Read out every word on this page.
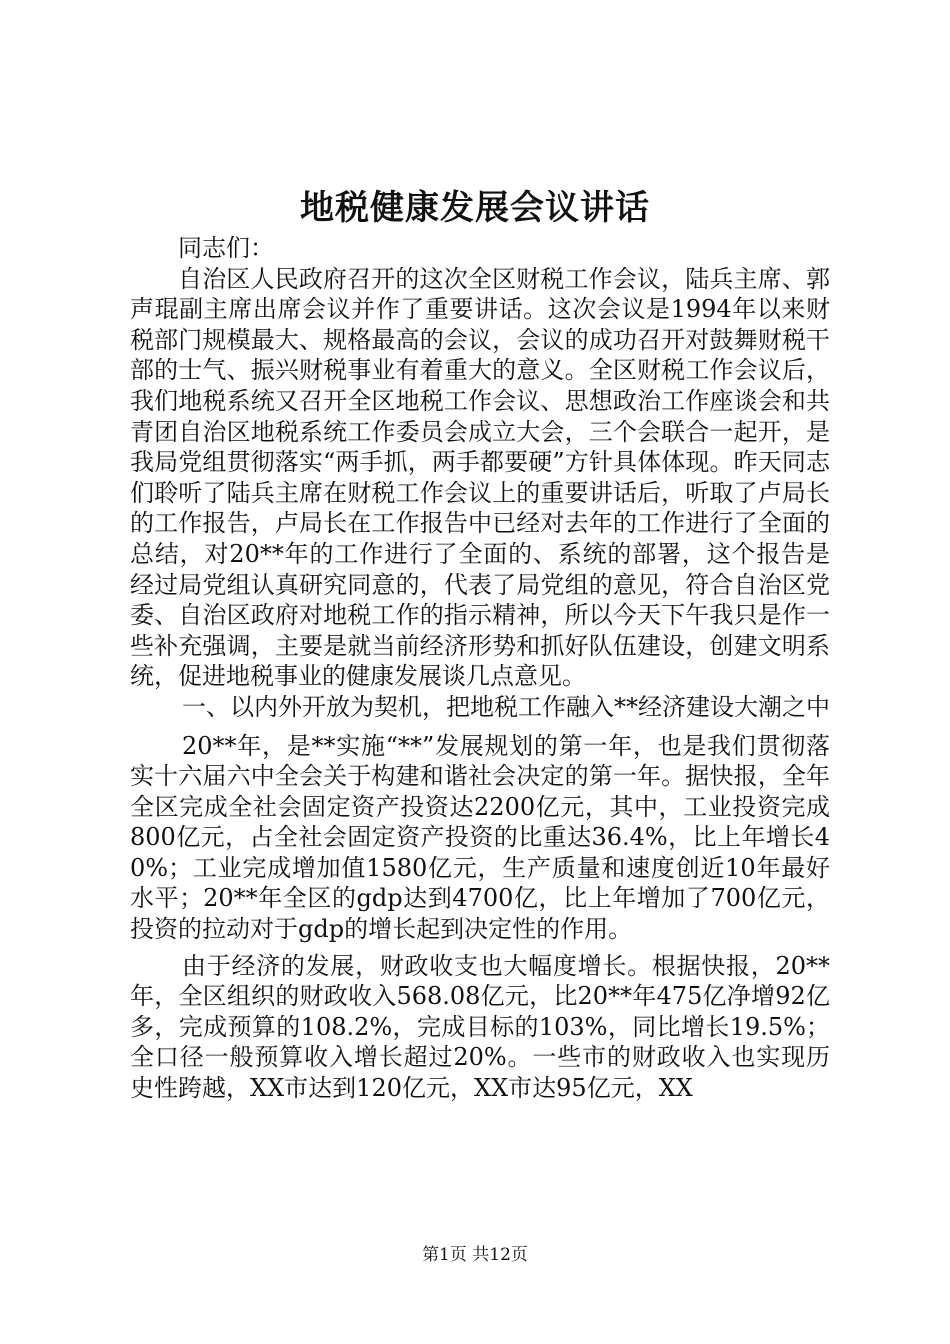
地税健康发展会议讲话

同志们：

自治区人民政府召开的这次全区财税工作会议，陆兵主席、郭声琨副主席出席会议并作了重要讲话。这次会议是1994年以来财税部门规模最大、规格最高的会议，会议的成功召开对鼓舞财税干部的士气、振兴财税事业有着重大的意义。全区财税工作会议后，我们地税系统又召开全区地税工作会议、思想政治工作座谈会和共青团自治区地税系统工作委员会成立大会，三个会联合一起开，是我局党组贯彻落实“两手抓，两手都要硬”方针具体体现。昨天同志们聆听了陆兵主席在财税工作会议上的重要讲话后，听取了卢局长的工作报告，卢局长在工作报告中已经对去年的工作进行了全面的总结，对20**年的工作进行了全面的、系统的部署，这个报告是经过局党组认真研究同意的，代表了局党组的意见，符合自治区党委、自治区政府对地税工作的指示精神，所以今天下午我只是作一些补充强调，主要是就当前经济形势和抓好队伍建设，创建文明系统，促进地税事业的健康发展谈几点意见。

一、以内外开放为契机，把地税工作融入**经济建设大潮之中

20**年，是**实施“**”发展规划的第一年，也是我们贯彻落实十六届六中全会关于构建和谐社会决定的第一年。据快报，全年全区完成全社会固定资产投资达2200亿元，其中，工业投资完成800亿元，占全社会固定资产投资的比重达36.4%，比上年增长40%；工业完成增加值1580亿元，生产质量和速度创近10年最好水平；20**年全区的gdp达到4700亿，比上年增加了700亿元，投资的拉动对于gdp的增长起到决定性的作用。

由于经济的发展，财政收支也大幅度增长。根据快报，20**年，全区组织的财政收入568.08亿元，比20**年475亿净增92亿多，完成预算的108.2%，完成目标的103%，同比增长19.5%；全口径一般预算收入增长超过20%。一些市的财政收入也实现历史性跨越，XX市达到120亿元，XX市达95亿元，XX

第1页 共12页
